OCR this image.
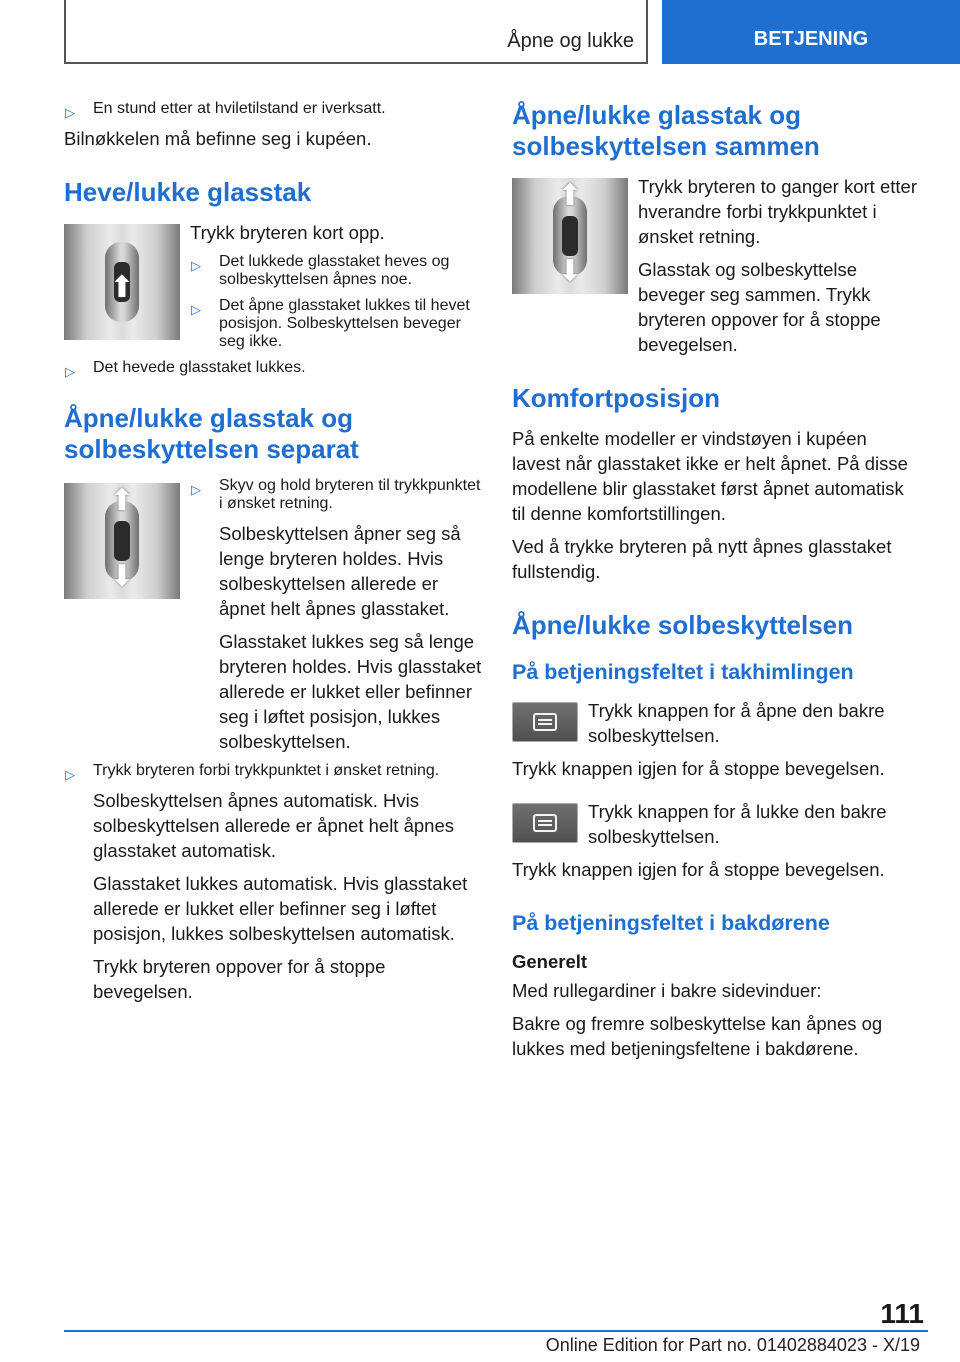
Åpne og lukke	BETJENING
▷ En stund etter at hviletilstand er iverksatt.

Bilnøkkelen må befinne seg i kupéen.

Heve/lukke glasstak
⬆

Trykk bryteren kort opp.

▷ Det lukkede glasstaket heves og solbeskyttelsen åpnes noe.
▷ Det åpne glasstaket lukkes til hevet posisjon. Solbeskyttelsen beveger seg ikke.
▷ Det hevede glasstaket lukkes.
Åpne/lukke glasstak og solbeskyttelsen separat
⬆
⬇
▷ Skyv og hold bryteren til trykkpunktet i ønsket retning.

Solbeskyttelsen åpner seg så lenge bryteren holdes. Hvis solbeskyttelsen allerede er åpnet helt åpnes glasstaket.

Glasstaket lukkes seg så lenge bryteren holdes. Hvis glasstaket allerede er lukket eller befinner seg i løftet posisjon, lukkes solbeskyttelsen.

▷ Trykk bryteren forbi trykkpunktet i ønsket retning.

Solbeskyttelsen åpnes automatisk. Hvis solbeskyttelsen allerede er åpnet helt åpnes glasstaket automatisk.

Glasstaket lukkes automatisk. Hvis glasstaket allerede er lukket eller befinner seg i løftet posisjon, lukkes solbeskyttelsen automatisk.

Trykk bryteren oppover for å stoppe bevegelsen.

Åpne/lukke glasstak og solbeskyttelsen sammen
⬆
⬇

Trykk bryteren to ganger kort etter hverandre forbi trykkpunktet i ønsket retning.

Glasstak og solbeskyttelse beveger seg sammen. Trykk bryteren oppover for å stoppe bevegelsen.

Komfortposisjon

På enkelte modeller er vindstøyen i kupéen lavest når glasstaket ikke er helt åpnet. På disse modellene blir glasstaket først åpnet automatisk til denne komfortstillingen.

Ved å trykke bryteren på nytt åpnes glasstaket fullstendig.

Åpne/lukke solbeskyttelsen
På betjeningsfeltet i takhimlingen

Trykk knappen for å åpne den bakre solbeskyttelsen.

Trykk knappen igjen for å stoppe bevegelsen.

Trykk knappen for å lukke den bakre solbeskyttelsen.

Trykk knappen igjen for å stoppe bevegelsen.

På betjeningsfeltet i bakdørene
Generelt

Med rullegardiner i bakre sidevinduer:

Bakre og fremre solbeskyttelse kan åpnes og lukkes med betjeningsfeltene i bakdørene.

111
Online Edition for Part no. 01402884023 - X/19
